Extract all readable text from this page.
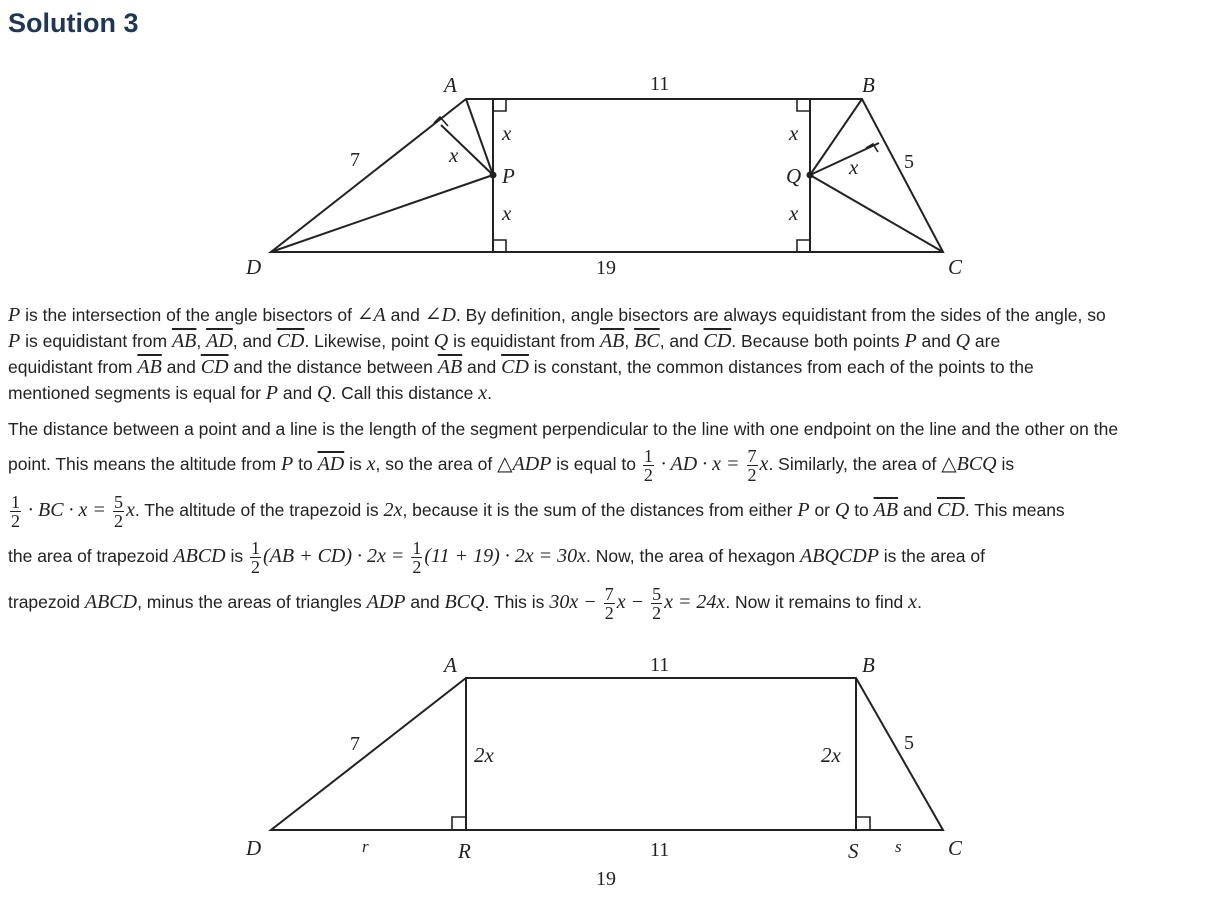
Solution 3
A	B
C
D
P	Q
11
19
7	5
x
x
x
x
x
x
P is the intersection of the angle bisectors of ∠A and ∠D. By definition, angle bisectors are always equidistant from the sides of the angle, so
P is equidistant from $\overline{AB}$, $\overline{AD}$, and $\overline{CD}$. Likewise, point Q is equidistant from $\overline{AB}$, $\overline{BC}$, and $\overline{CD}$. Because both points P and Q are
equidistant from $\overline{AB}$ and $\overline{CD}$ and the distance between $\overline{AB}$ and $\overline{CD}$ is constant, the common distances from each of the points to the
mentioned segments is equal for P and Q. Call this distance x.
The distance between a point and a line is the length of the segment perpendicular to the line with one endpoint on the line and the other on the
point. This means the altitude from P to $\overline{AD}$ is x, so the area of △ADP is equal to $\frac{1}{2}$ · AD · $x = \frac{7}{2} x$. Similarly, the area of △BCQ is
$\frac{1}{2}$ · BC · $x = \frac{5}{2} x$. The altitude of the trapezoid is 2x, because it is the sum of the distances from either P or Q to $\overline{AB}$ and $\overline{CD}$. This means
the area of trapezoid ABCD is $\frac{1}{2} (AB + CD) \cdot 2x = \frac{1}{2} (11 + 19) \cdot 2x = 30x$. Now, the area of hexagon ABQCDP is the area of
trapezoid ABCD, minus the areas of triangles ADP and BCQ. This is $30x - \frac{7}{2}$ $x - \frac{5}{2}$ x = 24x. Now it remains to find x.
A	B
C
D	R	S
r	s
11
11
19
7	5
2x	2x
